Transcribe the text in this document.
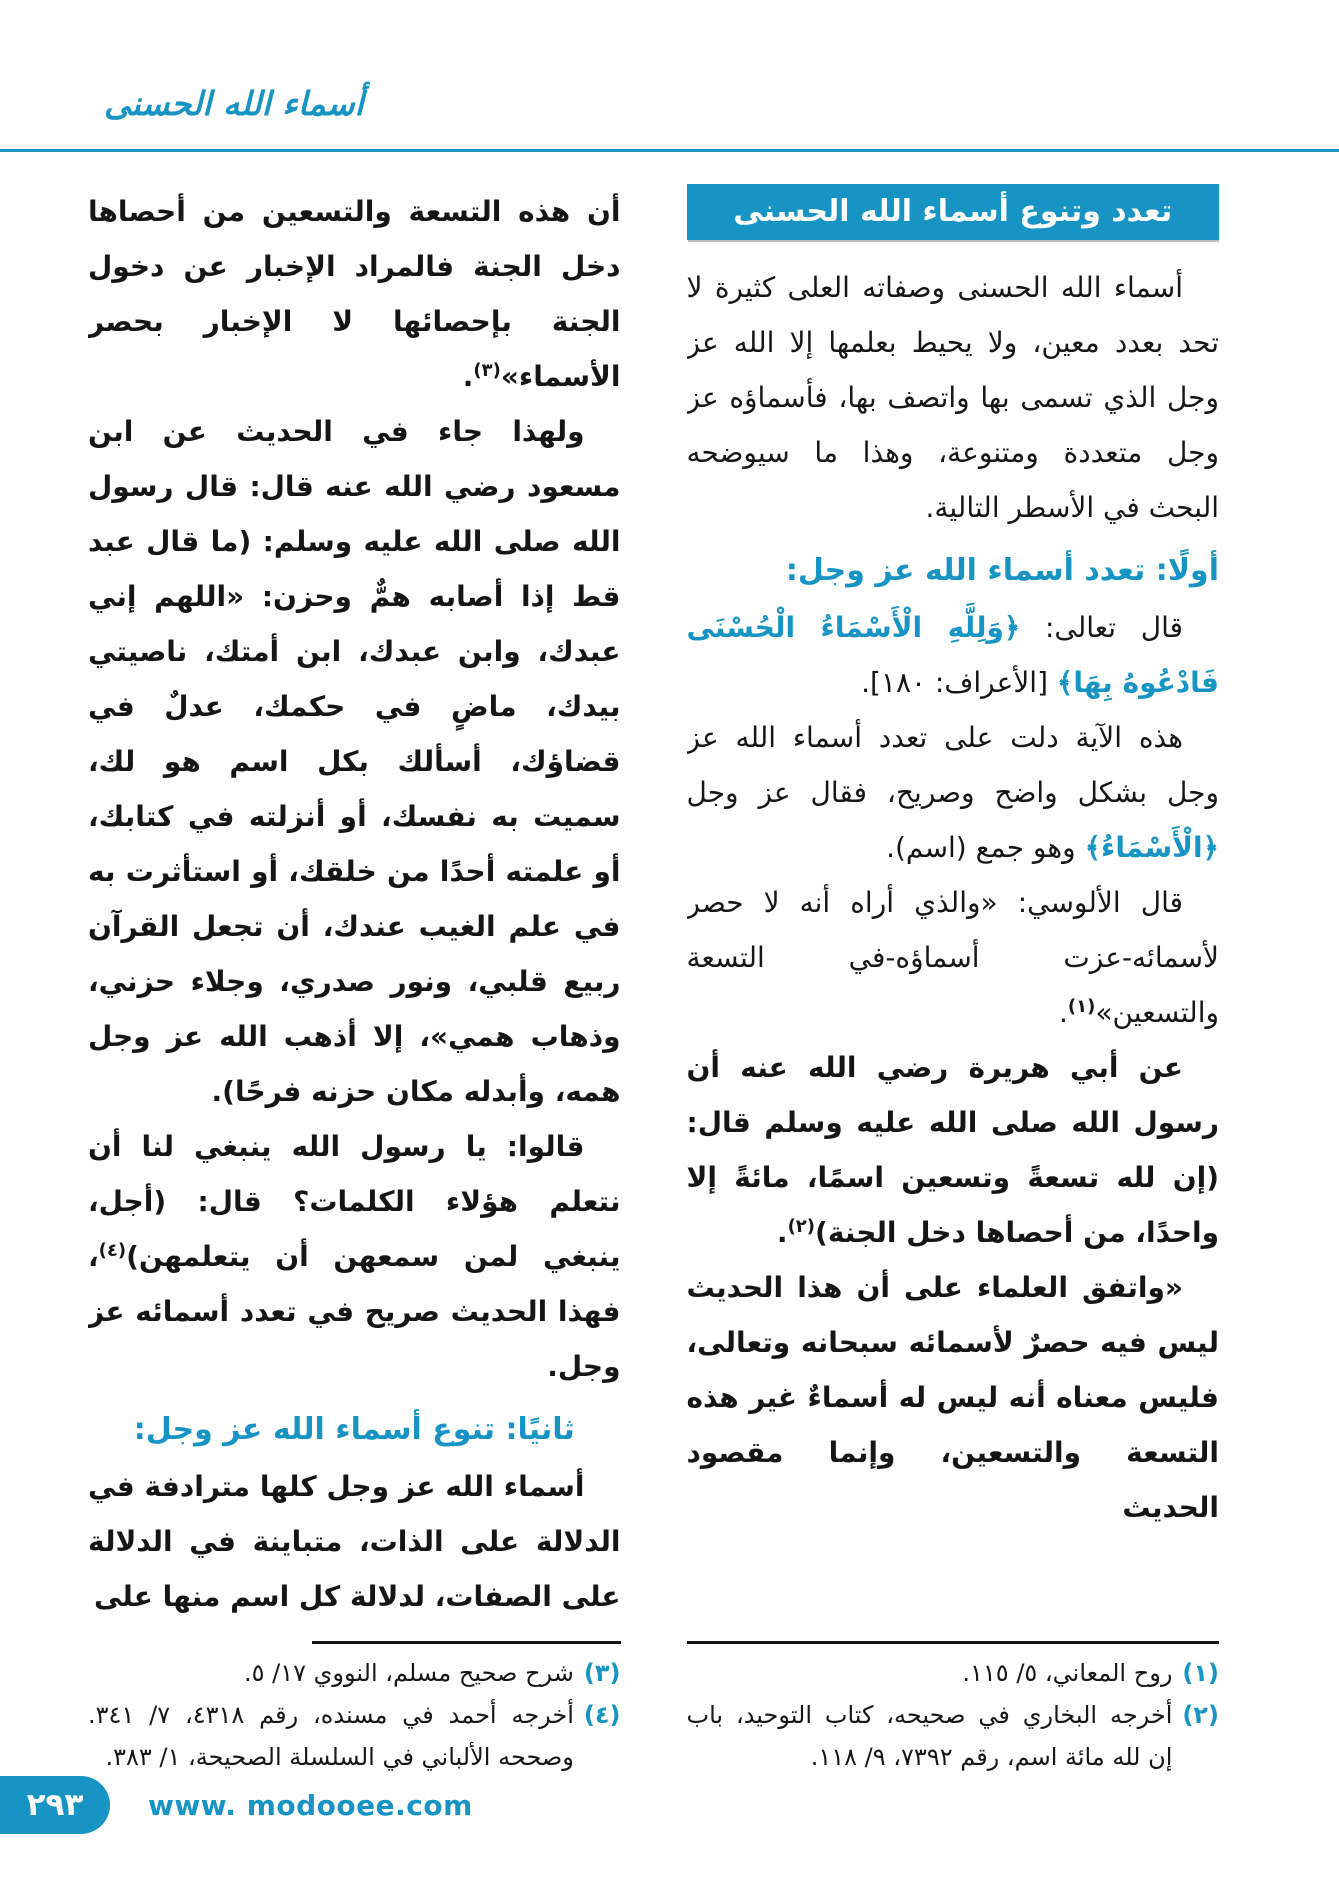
أسماء الله الحسنى
تعدد وتنوع أسماء الله الحسنى
أسماء الله الحسنى وصفاته العلى كثيرة لا تحد بعدد معين، ولا يحيط بعلمها إلا الله عز وجل الذي تسمى بها واتصف بها، فأسماؤه عز وجل متعددة ومتنوعة، وهذا ما سيوضحه البحث في الأسطر التالية.
أولًا: تعدد أسماء الله عز وجل:
قال تعالى: ﴿وَلِلَّهِ الْأَسْمَاءُ الْحُسْنَى فَادْعُوهُ بِهَا﴾ [الأعراف: ١٨٠].
هذه الآية دلت على تعدد أسماء الله عز وجل بشكل واضح وصريح، فقال عز وجل ﴿الْأَسْمَاءُ﴾ وهو جمع (اسم).
قال الألوسي: «والذي أراه أنه لا حصر لأسمائه-عزت أسماؤه-في التسعة والتسعين»$^{(١)}$.
عن أبي هريرة رضي الله عنه أن رسول الله صلى الله عليه وسلم قال: (إن لله تسعةً وتسعين اسمًا، مائةً إلا واحدًا، من أحصاها دخل الجنة)$^{(٢)}$.
«واتفق العلماء على أن هذا الحديث ليس فيه حصرٌ لأسمائه سبحانه وتعالى، فليس معناه أنه ليس له أسماءٌ غير هذه التسعة والتسعين، وإنما مقصود الحديث
(١)
روح المعاني، ٥/ ١١٥.
(٢)
أخرجه البخاري في صحيحه، كتاب التوحيد، باب إن لله مائة اسم، رقم ٧٣٩٢، ٩/ ١١٨.
أن هذه التسعة والتسعين من أحصاها دخل الجنة فالمراد الإخبار عن دخول الجنة بإحصائها لا الإخبار بحصر الأسماء»$^{(٣)}$.
ولهذا جاء في الحديث عن ابن مسعود رضي الله عنه قال: قال رسول الله صلى الله عليه وسلم: (ما قال عبد قط إذا أصابه همٌّ وحزن: «اللهم إني عبدك، وابن عبدك، ابن أمتك، ناصيتي بيدك، ماضٍ في حكمك، عدلٌ في قضاؤك، أسألك بكل اسم هو لك، سميت به نفسك، أو أنزلته في كتابك، أو علمته أحدًا من خلقك، أو استأثرت به في علم الغيب عندك، أن تجعل القرآن ربيع قلبي، ونور صدري، وجلاء حزني، وذهاب همي»، إلا أذهب الله عز وجل همه، وأبدله مكان حزنه فرحًا).
قالوا: يا رسول الله ينبغي لنا أن نتعلم هؤلاء الكلمات؟ قال: (أجل، ينبغي لمن سمعهن أن يتعلمهن)$^{(٤)}$، فهذا الحديث صريح في تعدد أسمائه عز وجل.
ثانيًا: تنوع أسماء الله عز وجل:
أسماء الله عز وجل كلها مترادفة في الدلالة على الذات، متباينة في الدلالة على الصفات، لدلالة كل اسم منها على
(٣)
شرح صحيح مسلم، النووي ١٧/ ٥.
(٤)
أخرجه أحمد في مسنده، رقم ٤٣١٨، ٧/ ٣٤١. وصححه الألباني في السلسلة الصحيحة، ١/ ٣٨٣.
٢٩٣	www. modooee.com
